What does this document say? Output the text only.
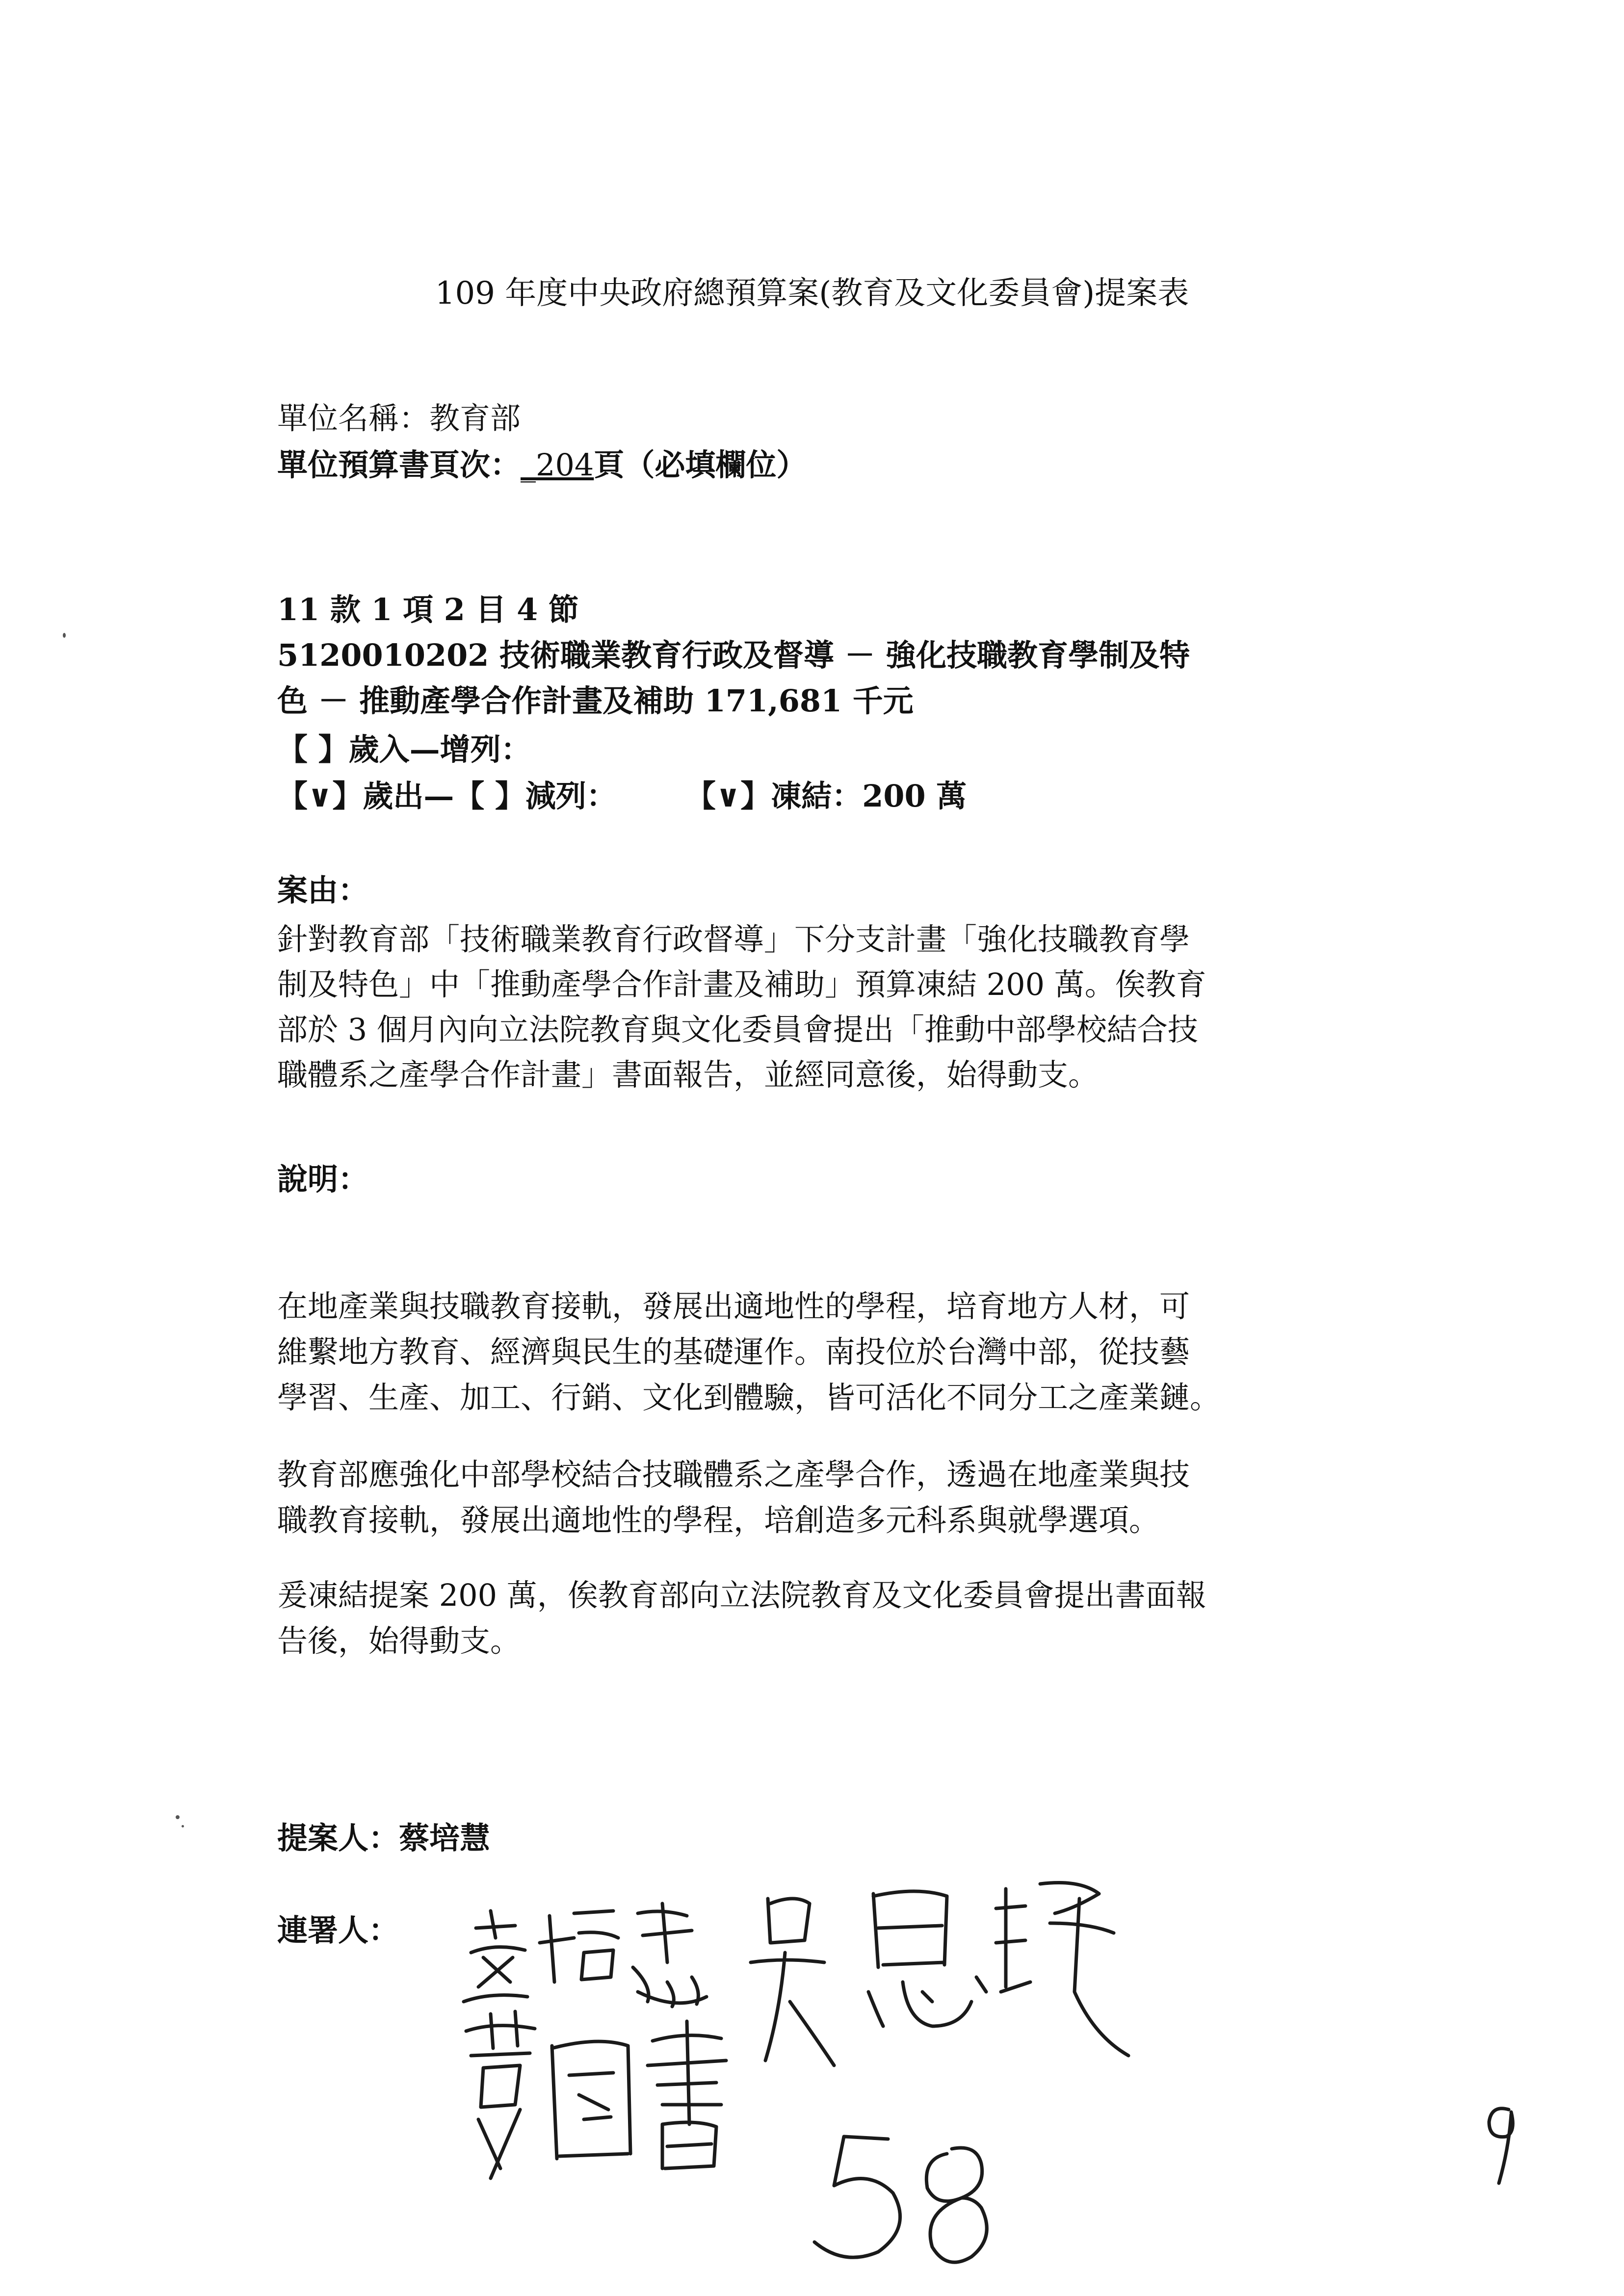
109 年度中央政府總預算案(教育及文化委員會)提案表
單位名稱：教育部
單位預算書頁次：_204頁（必填欄位）
11 款 1 項 2 目 4 節
5120010202 技術職業教育行政及督導 － 強化技職教育學制及特
色 － 推動產學合作計畫及補助 171,681 千元
【 】歲入—增列：
【∨】歲出—【 】減列： 【∨】凍結：200 萬
案由：
針對教育部「技術職業教育行政督導」下分支計畫「強化技職教育學
制及特色」中「推動產學合作計畫及補助」預算凍結 200 萬。俟教育
部於 3 個月內向立法院教育與文化委員會提出「推動中部學校結合技
職體系之產學合作計畫」書面報告，並經同意後，始得動支。
說明：
在地產業與技職教育接軌，發展出適地性的學程，培育地方人材，可
維繫地方教育、經濟與民生的基礎運作。南投位於台灣中部，從技藝
學習、生產、加工、行銷、文化到體驗，皆可活化不同分工之產業鏈。
教育部應強化中部學校結合技職體系之產學合作，透過在地產業與技
職教育接軌，發展出適地性的學程，培創造多元科系與就學選項。
爰凍結提案 200 萬，俟教育部向立法院教育及文化委員會提出書面報
告後，始得動支。
提案人：蔡培慧
連署人：
